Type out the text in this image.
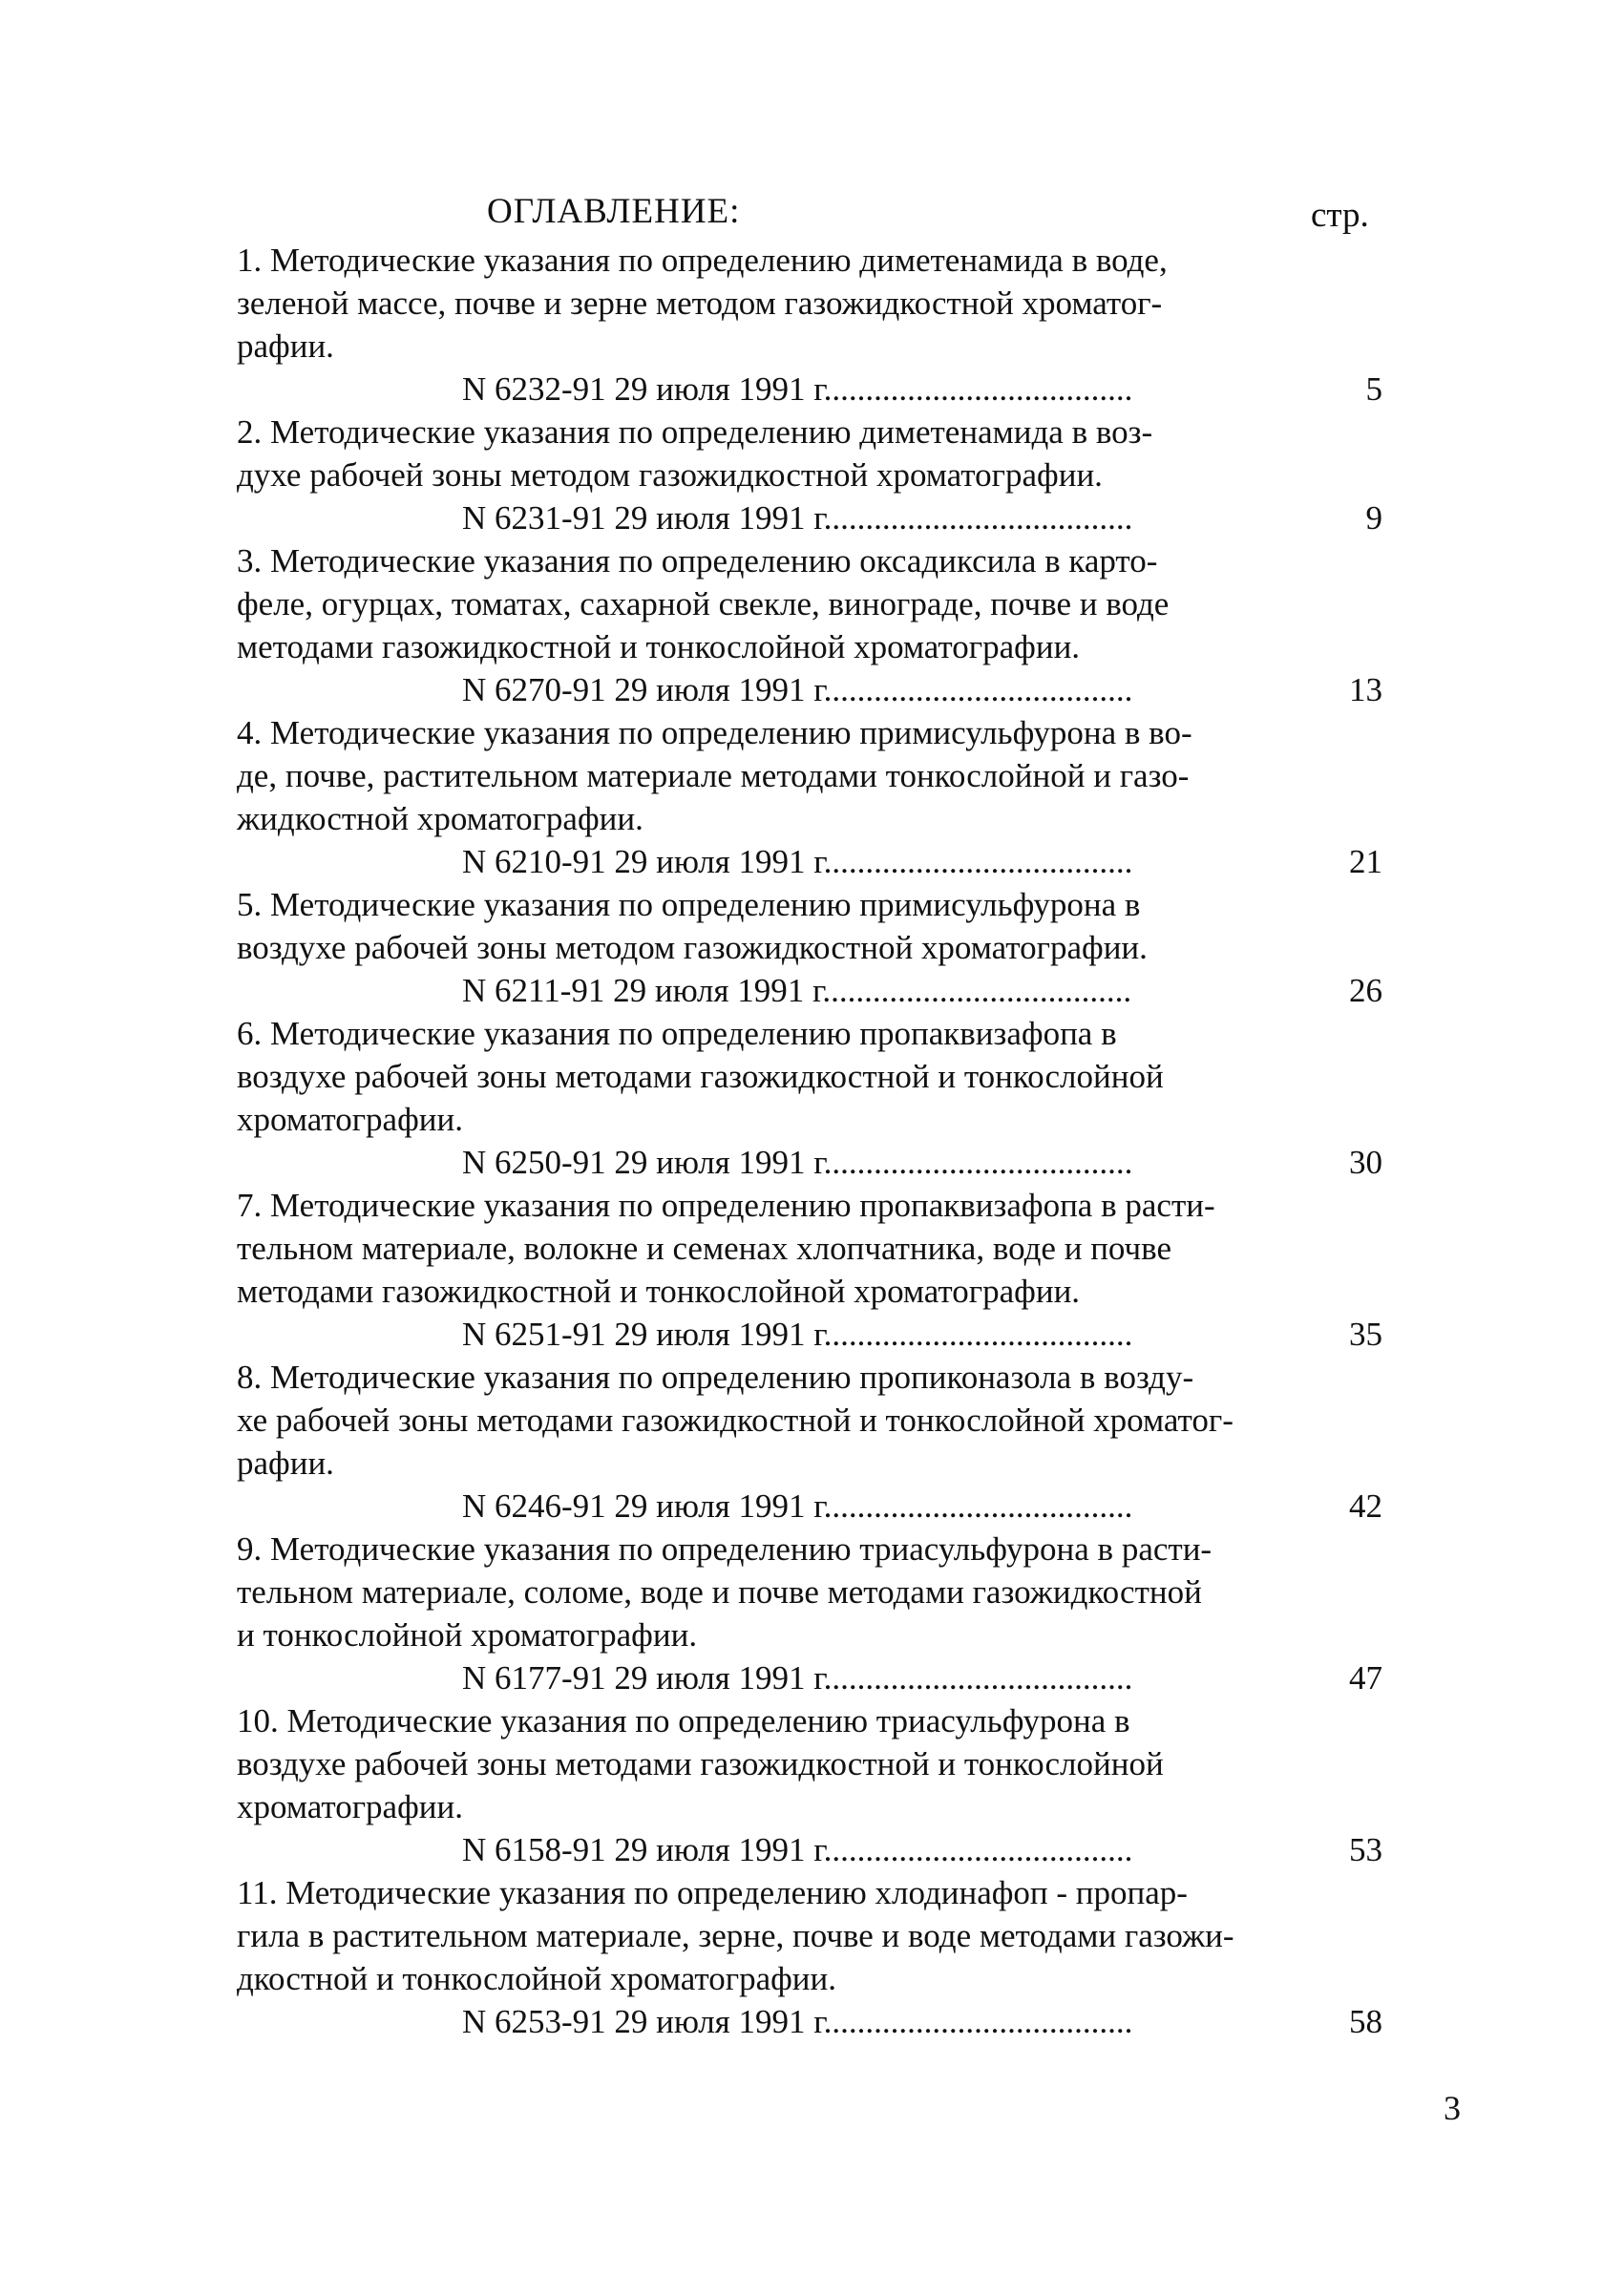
ОГЛАВЛЕНИЕ:	стр.
1. Методические указания по определению диметенамида в воде,
зеленой массе, почве и зерне методом газожидкостной хроматог-
рафии.
N 6232-91 29 июля 1991 г.....................................	5
2. Методические указания по определению диметенамида в воз-
духе рабочей зоны методом газожидкостной хроматографии.
N 6231-91 29 июля 1991 г.....................................	9
3. Методические указания по определению оксадиксила в карто-
феле, огурцах, томатах, сахарной свекле, винограде, почве и воде
методами газожидкостной и тонкослойной хроматографии.
N 6270-91 29 июля 1991 г.....................................	13
4. Методические указания по определению примисульфурона в во-
де, почве, растительном материале методами тонкослойной и газо-
жидкостной хроматографии.
N 6210-91 29 июля 1991 г.....................................	21
5. Методические указания по определению примисульфурона в
воздухе рабочей зоны методом газожидкостной хроматографии.
N 6211-91 29 июля 1991 г.....................................	26
6. Методические указания по определению пропаквизафопа в
воздухе рабочей зоны методами газожидкостной и тонкослойной
хроматографии.
N 6250-91 29 июля 1991 г.....................................	30
7. Методические указания по определению пропаквизафопа в расти-
тельном материале, волокне и семенах хлопчатника, воде и почве
методами газожидкостной и тонкослойной хроматографии.
N 6251-91 29 июля 1991 г.....................................	35
8. Методические указания по определению пропиконазола в возду-
хе рабочей зоны методами газожидкостной и тонкослойной хроматог-
рафии.
N 6246-91 29 июля 1991 г.....................................	42
9. Методические указания по определению триасульфурона в расти-
тельном материале, соломе, воде и почве методами газожидкостной
и тонкослойной хроматографии.
N 6177-91 29 июля 1991 г.....................................	47
10. Методические указания по определению триасульфурона в
воздухе рабочей зоны методами газожидкостной и тонкослойной
хроматографии.
N 6158-91 29 июля 1991 г.....................................	53
11. Методические указания по определению хлодинафоп - пропар-
гила в растительном материале, зерне, почве и воде методами газожи-
дкостной и тонкослойной хроматографии.
N 6253-91 29 июля 1991 г.....................................	58
3
